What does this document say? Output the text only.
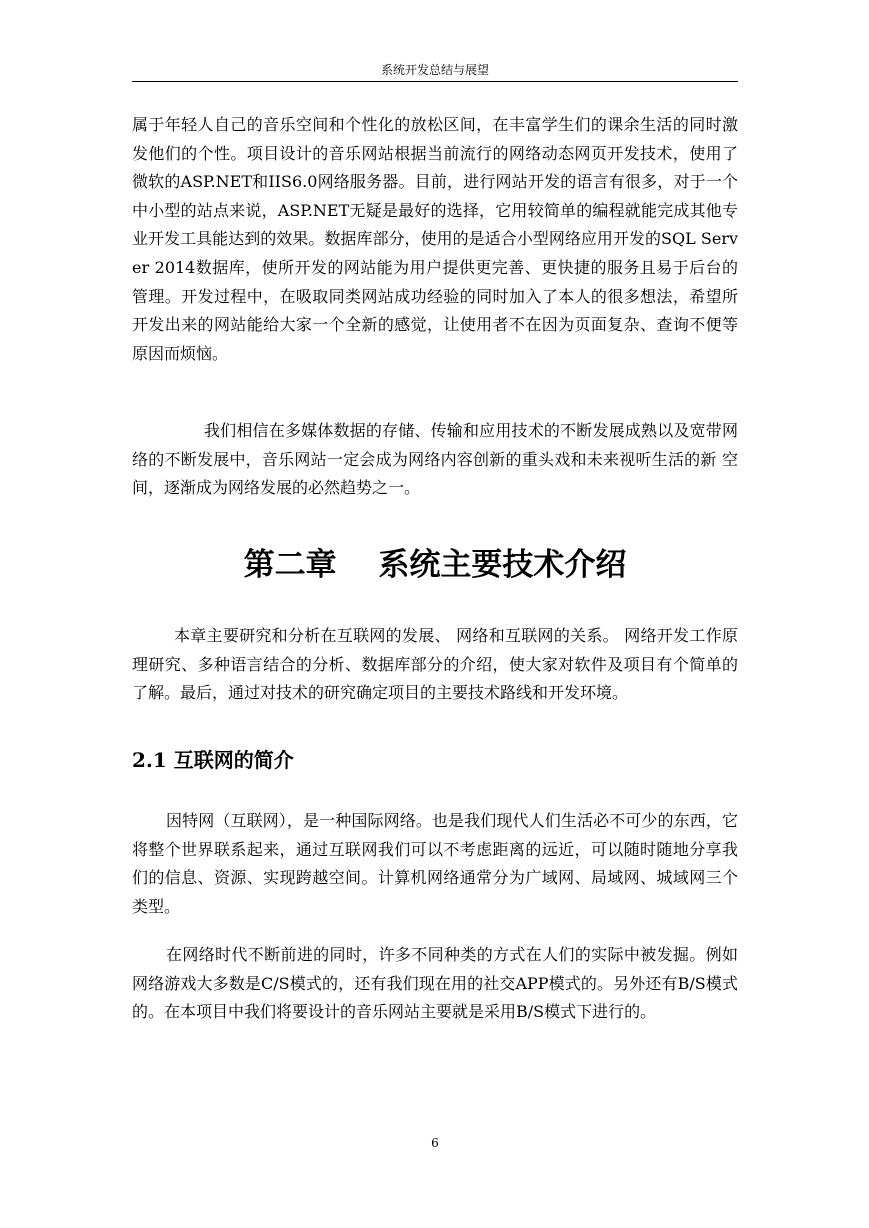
系统开发总结与展望

属于年轻人自己的音乐空间和个性化的放松区间，在丰富学生们的课余生活的同时激发他们的个性。项目设计的音乐网站根据当前流行的网络动态网页开发技术，使用了微软的ASP.NET和IIS6.0网络服务器。目前，进行网站开发的语言有很多，对于一个中小型的站点来说，ASP.NET无疑是最好的选择，它用较简单的编程就能完成其他专业开发工具能达到的效果。数据库部分，使用的是适合小型网络应用开发的SQL Server 2014数据库，使所开发的网站能为用户提供更完善、更快捷的服务且易于后台的管理。开发过程中，在吸取同类网站成功经验的同时加入了本人的很多想法，希望所开发出来的网站能给大家一个全新的感觉，让使用者不在因为页面复杂、查询不便等原因而烦恼。

我们相信在多媒体数据的存储、传输和应用技术的不断发展成熟以及宽带网络的不断发展中，音乐网站一定会成为网络内容创新的重头戏和未来视听生活的新 空间，逐渐成为网络发展的必然趋势之一。

第二章　 系统主要技术介绍

本章主要研究和分析在互联网的发展、 网络和互联网的关系。 网络开发工作原理研究、多种语言结合的分析、数据库部分的介绍，使大家对软件及项目有个简单的了解。最后，通过对技术的研究确定项目的主要技术路线和开发环境。

2.1 互联网的简介

因特网（互联网），是一种国际网络。也是我们现代人们生活必不可少的东西，它将整个世界联系起来，通过互联网我们可以不考虑距离的远近，可以随时随地分享我们的信息、资源、实现跨越空间。计算机网络通常分为广域网、局域网、城域网三个类型。

在网络时代不断前进的同时，许多不同种类的方式在人们的实际中被发掘。例如网络游戏大多数是C/S模式的，还有我们现在用的社交APP模式的。另外还有B/S模式的。在本项目中我们将要设计的音乐网站主要就是采用B/S模式下进行的。

6
